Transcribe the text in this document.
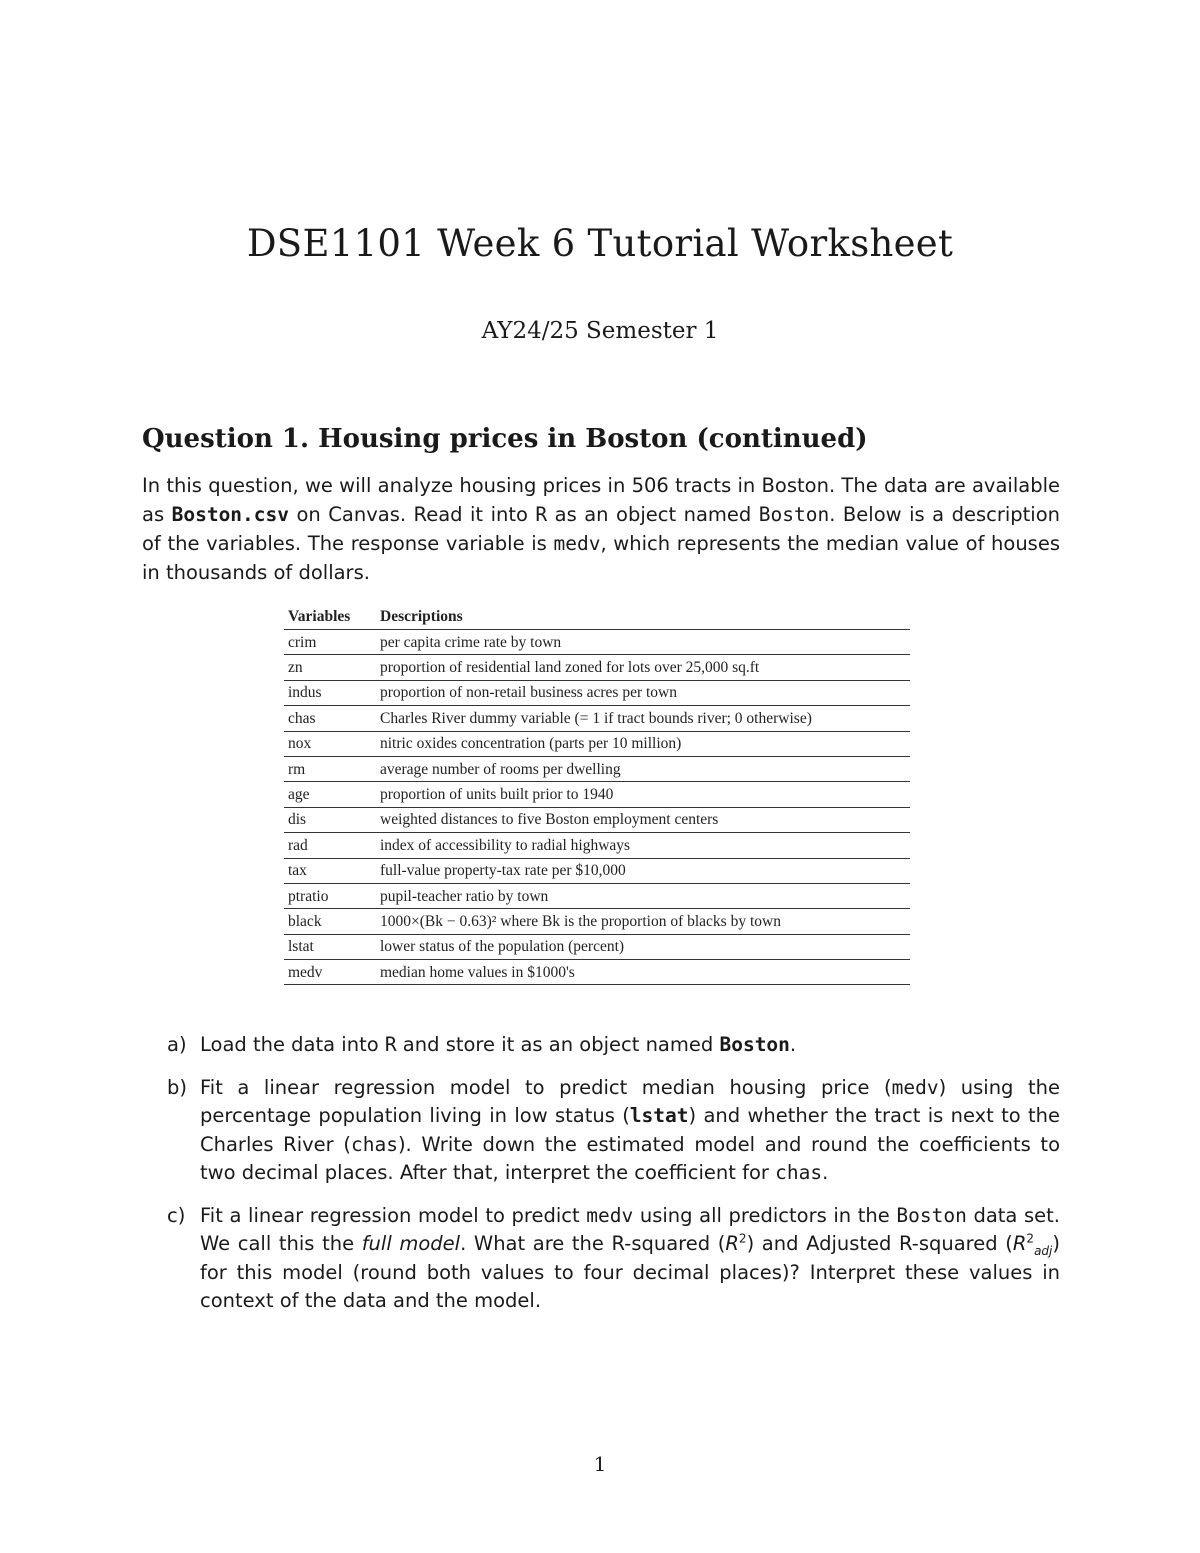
DSE1101 Week 6 Tutorial Worksheet
AY24/25 Semester 1
Question 1. Housing prices in Boston (continued)

In this question, we will analyze housing prices in 506 tracts in Boston. The data are available as Boston.csv on Canvas. Read it into R as an object named Boston. Below is a description of the variables. The response variable is medv, which represents the median value of houses in thousands of dollars.

Variables	Descriptions
crim	per capita crime rate by town
zn	proportion of residential land zoned for lots over 25,000 sq.ft
indus	proportion of non-retail business acres per town
chas	Charles River dummy variable (= 1 if tract bounds river; 0 otherwise)
nox	nitric oxides concentration (parts per 10 million)
rm	average number of rooms per dwelling
age	proportion of units built prior to 1940
dis	weighted distances to five Boston employment centers
rad	index of accessibility to radial highways
tax	full-value property-tax rate per $10,000
ptratio	pupil-teacher ratio by town
black	1000×(Bk − 0.63)² where Bk is the proportion of blacks by town
lstat	lower status of the population (percent)
medv	median home values in $1000's
a) Load the data into R and store it as an object named Boston.
b) Fit a linear regression model to predict median housing price (medv) using the percentage population living in low status (lstat) and whether the tract is next to the Charles River (chas). Write down the estimated model and round the coefficients to two decimal places. After that, interpret the coefficient for chas.
c) Fit a linear regression model to predict medv using all predictors in the Boston data set. We call this the full model. What are the R-squared $(R^2)$ and Adjusted R-squared $(R^2_{adj})$ for this model (round both values to four decimal places)? Interpret these values in context of the data and the model.
1
